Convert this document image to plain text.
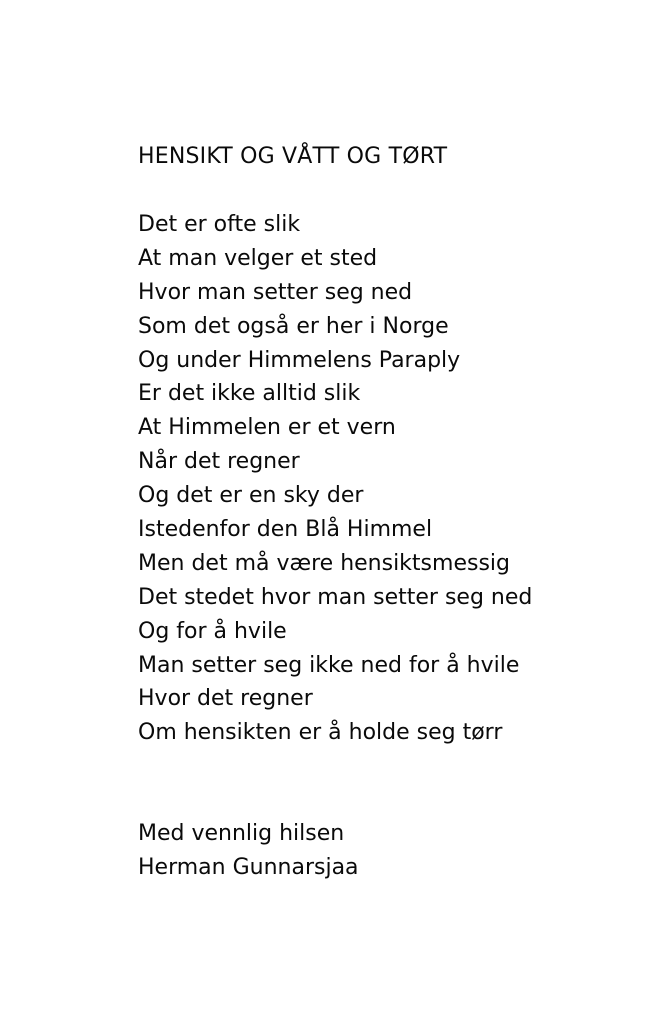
HENSIKT OG VÅTT OG TØRT
Det er ofte slik
At man velger et sted
Hvor man setter seg ned
Som det også er her i Norge
Og under Himmelens Paraply
Er det ikke alltid slik
At Himmelen er et vern
Når det regner
Og det er en sky der
Istedenfor den Blå Himmel
Men det må være hensiktsmessig
Det stedet hvor man setter seg ned
Og for å hvile
Man setter seg ikke ned for å hvile
Hvor det regner
Om hensikten er å holde seg tørr
Med vennlig hilsen
Herman Gunnarsjaa
